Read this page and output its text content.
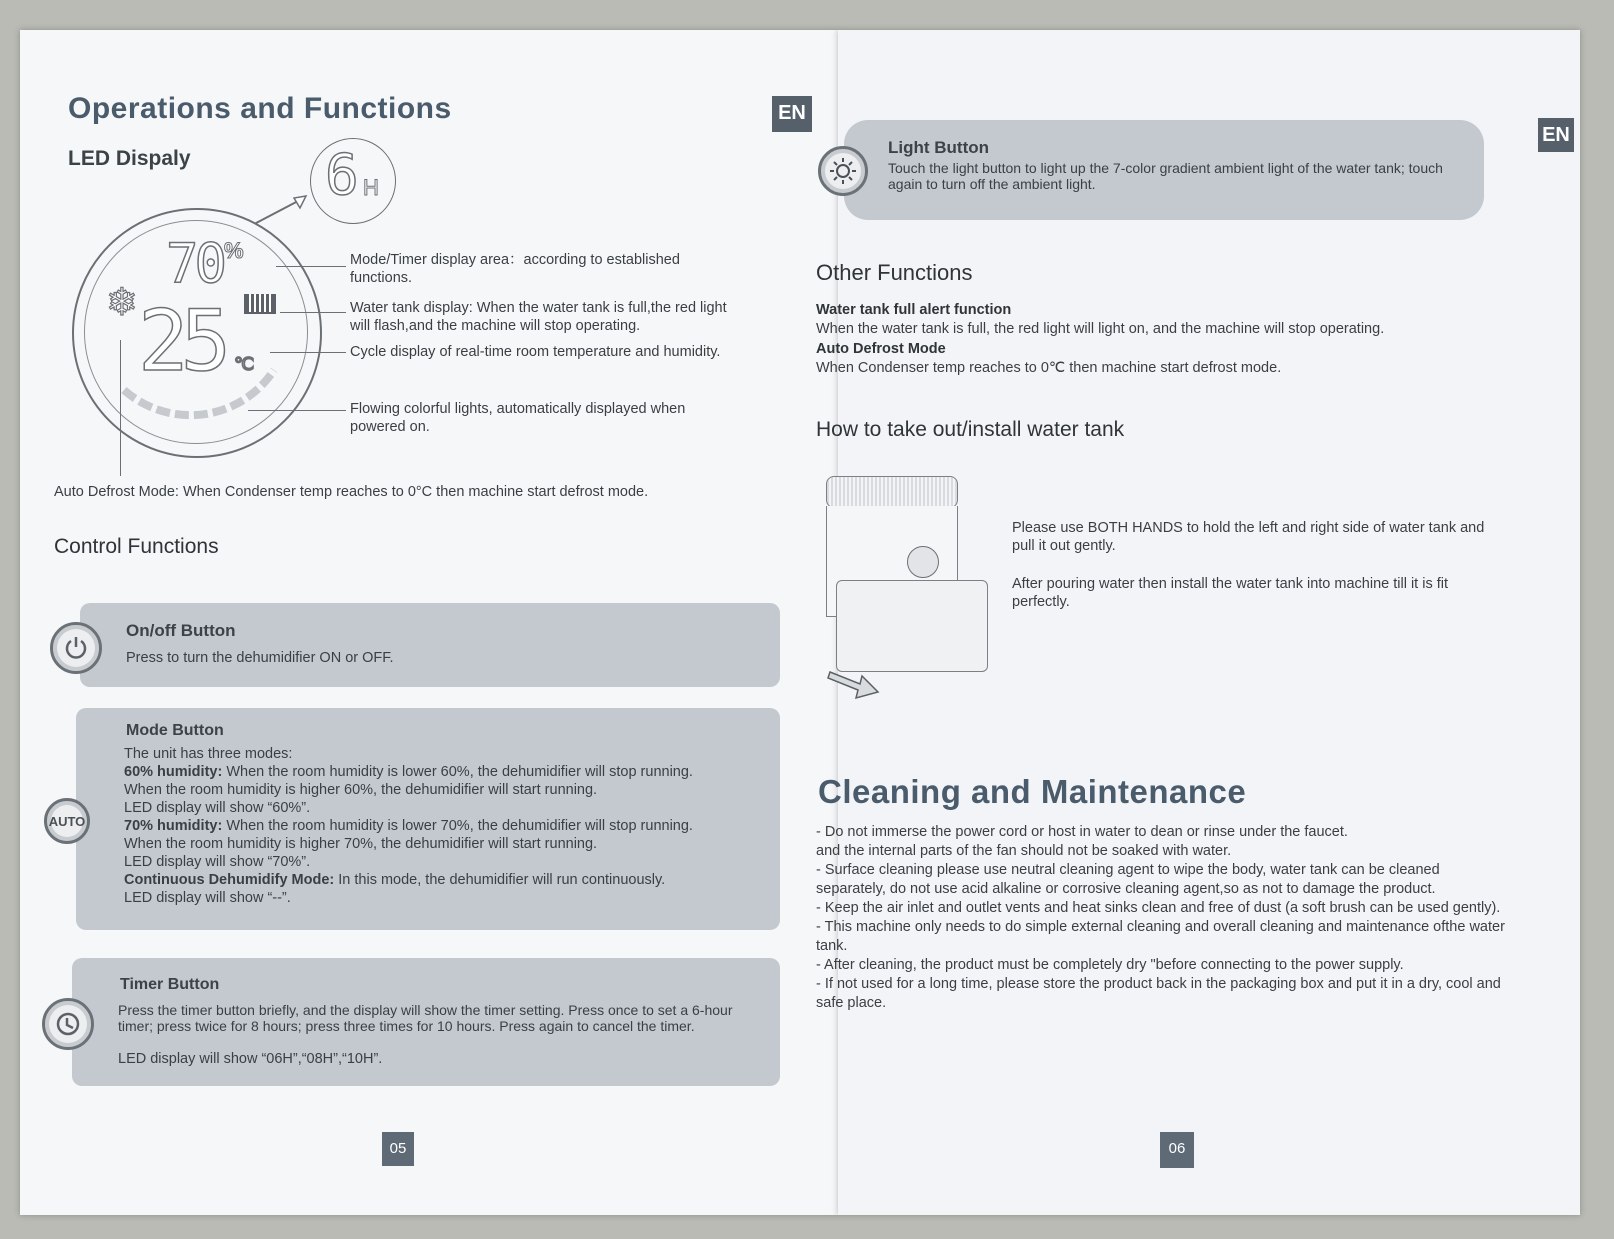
Operations and Functions	EN
LED Dispaly 6 H
70 %
25 ℃
❄
Mode/Timer display area：according to established functions.
Water tank display: When the water tank is full,the red light will flash,and the machine will stop operating.
Cycle display of real-time room temperature and humidity.
Flowing colorful lights, automatically displayed when powered on.
Auto Defrost Mode: When Condenser temp reaches to 0°C then machine start defrost mode.
Control Functions
On/off Button
Press to turn the dehumidifier ON or OFF.
Mode Button

The unit has three modes:

60% humidity: When the room humidity is lower 60%, the dehumidifier will stop running.

When the room humidity is higher 60%, the dehumidifier will start running.

LED display will show “60%”.

70% humidity: When the room humidity is lower 70%, the dehumidifier will stop running.

When the room humidity is higher 70%, the dehumidifier will start running.

LED display will show “70%”.

Continuous Dehumidify Mode: In this mode, the dehumidifier will run continuously.

LED display will show “--”.

AUTO
Timer Button
Press the timer button briefly, and the display will show the timer setting. Press once to set a 6-hour timer; press twice for 8 hours; press three times for 10 hours. Press again to cancel the timer.
LED display will show “06H”,“08H”,“10H”.
05
EN
Light Button
Touch the light button to light up the 7-color gradient ambient light of the water tank; touch again to turn off the ambient light.
Other Functions
Water tank full alert function
When the water tank is full, the red light will light on, and the machine will stop operating.
Auto Defrost Mode
When Condenser temp reaches to 0℃ then machine start defrost mode.
How to take out/install water tank
Please use BOTH HANDS to hold the left and right side of water tank and pull it out gently.
After pouring water then install the water tank into machine till it is fit perfectly.
Cleaning and Maintenance

- Do not immerse the power cord or host in water to dean or rinse under the faucet. and the internal parts of the fan should not be soaked with water.

- Surface cleaning please use neutral cleaning agent to wipe the body, water tank can be cleaned separately, do not use acid alkaline or corrosive cleaning agent,so as not to damage the product.

- Keep the air inlet and outlet vents and heat sinks clean and free of dust (a soft brush can be used gently).

- This machine only needs to do simple external cleaning and overall cleaning and maintenance ofthe water tank.

- After cleaning, the product must be completely dry "before connecting to the power supply.

- If not used for a long time, please store the product back in the packaging box and put it in a dry, cool and safe place.

06
